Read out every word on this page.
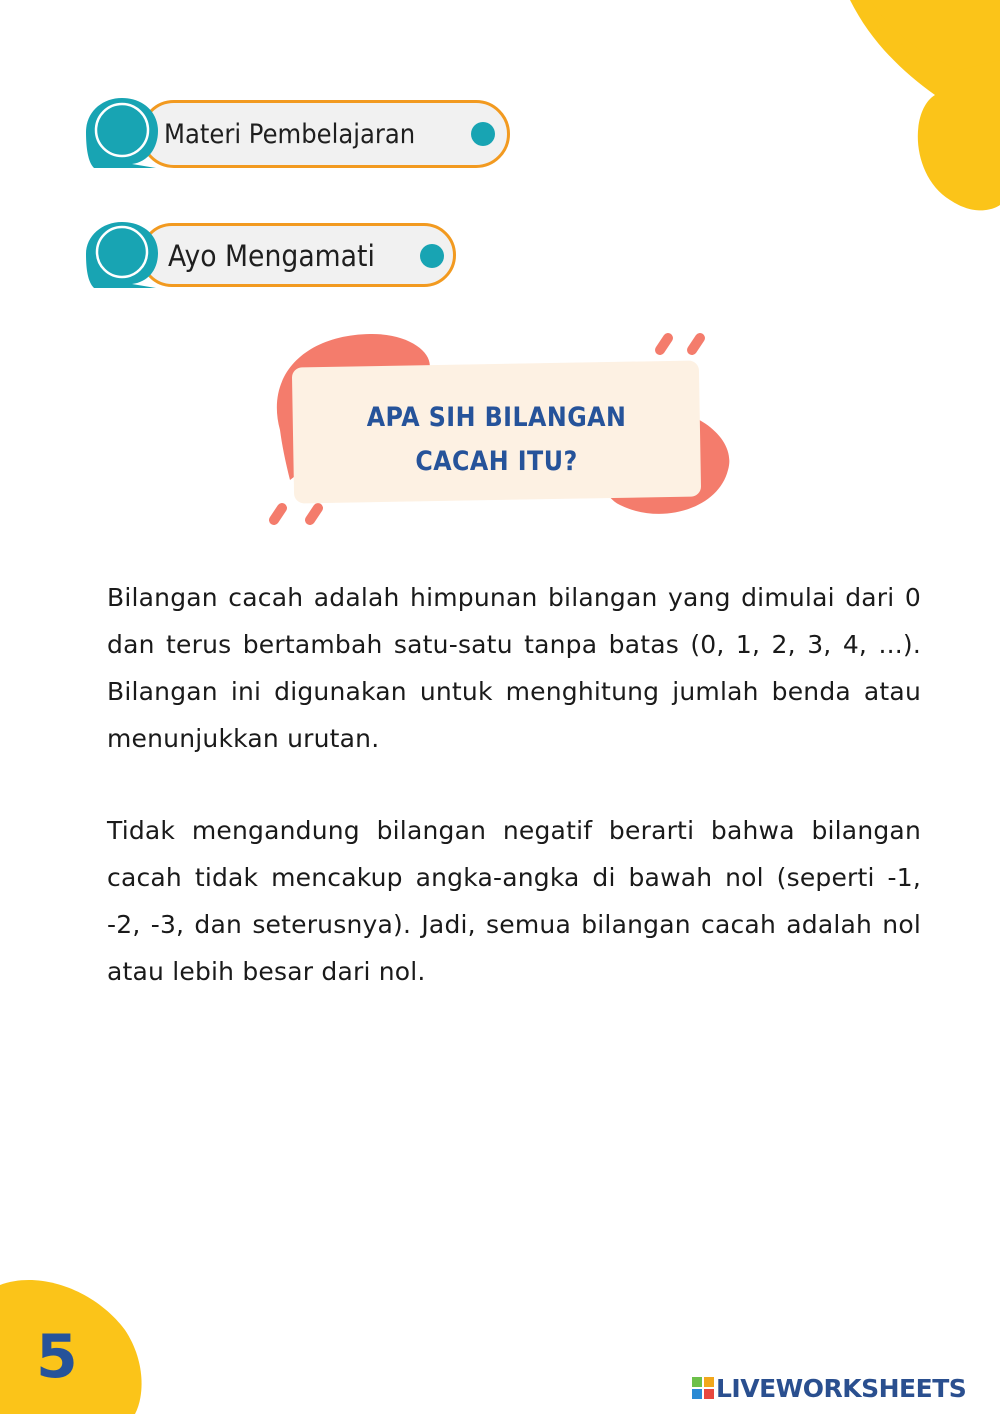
Materi Pembelajaran
Ayo Mengamati
APA SIH BILANGAN
CACAH ITU?

Bilangan cacah adalah himpunan bilangan yang dimulai dari 0 dan terus bertambah satu-satu tanpa batas (0, 1, 2, 3, 4, ...). Bilangan ini digunakan untuk menghitung jumlah benda atau menunjukkan urutan.

Tidak mengandung bilangan negatif berarti bahwa bilangan cacah tidak mencakup angka-angka di bawah nol (seperti -1, -2, -3, dan seterusnya). Jadi, semua bilangan cacah adalah nol atau lebih besar dari nol.

5	LIVEWORKSHEETS
